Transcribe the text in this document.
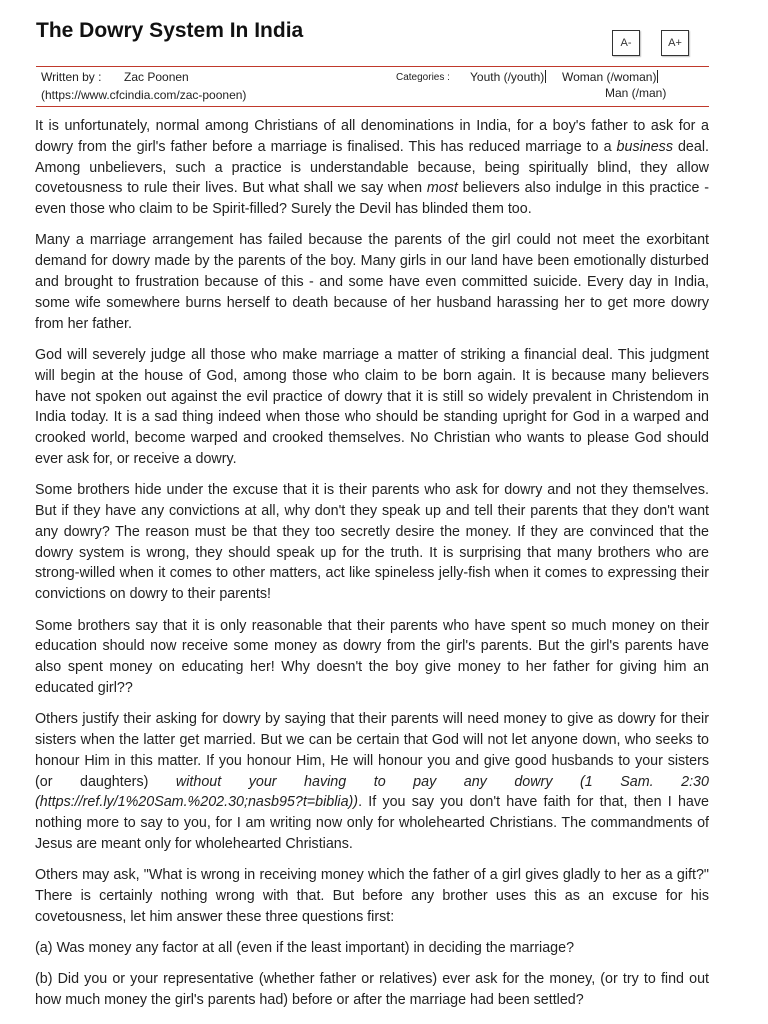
The Dowry System In India
A-	A+
Written by : Zac Poonen
(https://www.cfcindia.com/zac-poonen)
Categories : Youth (/youth) Woman (/woman)
Man (/man)

It is unfortunately, normal among Christians of all denominations in India, for a boy's father to ask for a dowry from the girl's father before a marriage is finalised. This has reduced marriage to a business deal. Among unbelievers, such a practice is understandable because, being spiritually blind, they allow covetousness to rule their lives. But what shall we say when most believers also indulge in this practice - even those who claim to be Spirit-filled? Surely the Devil has blinded them too.

Many a marriage arrangement has failed because the parents of the girl could not meet the exorbitant demand for dowry made by the parents of the boy. Many girls in our land have been emotionally disturbed and brought to frustration because of this - and some have even committed suicide. Every day in India, some wife somewhere burns herself to death because of her husband harassing her to get more dowry from her father.

God will severely judge all those who make marriage a matter of striking a financial deal. This judgment will begin at the house of God, among those who claim to be born again. It is because many believers have not spoken out against the evil practice of dowry that it is still so widely prevalent in Christendom in India today. It is a sad thing indeed when those who should be standing upright for God in a warped and crooked world, become warped and crooked themselves. No Christian who wants to please God should ever ask for, or receive a dowry.

Some brothers hide under the excuse that it is their parents who ask for dowry and not they themselves. But if they have any convictions at all, why don't they speak up and tell their parents that they don't want any dowry? The reason must be that they too secretly desire the money. If they are convinced that the dowry system is wrong, they should speak up for the truth. It is surprising that many brothers who are strong-willed when it comes to other matters, act like spineless jelly-fish when it comes to expressing their convictions on dowry to their parents!

Some brothers say that it is only reasonable that their parents who have spent so much money on their education should now receive some money as dowry from the girl's parents. But the girl's parents have also spent money on educating her! Why doesn't the boy give money to her father for giving him an educated girl??

Others justify their asking for dowry by saying that their parents will need money to give as dowry for their sisters when the latter get married. But we can be certain that God will not let anyone down, who seeks to honour Him in this matter. If you honour Him, He will honour you and give good husbands to your sisters (or daughters) without your having to pay any dowry (1 Sam. 2:30 (https://ref.ly/1%20Sam.%202.30;nasb95?t=biblia)). If you say you don't have faith for that, then I have nothing more to say to you, for I am writing now only for wholehearted Christians. The commandments of Jesus are meant only for wholehearted Christians.

Others may ask, "What is wrong in receiving money which the father of a girl gives gladly to her as a gift?" There is certainly nothing wrong with that. But before any brother uses this as an excuse for his covetousness, let him answer these three questions first:

(a) Was money any factor at all (even if the least important) in deciding the marriage?

(b) Did you or your representative (whether father or relatives) ever ask for the money, (or try to find out how much money the girl's parents had) before or after the marriage had been settled?
